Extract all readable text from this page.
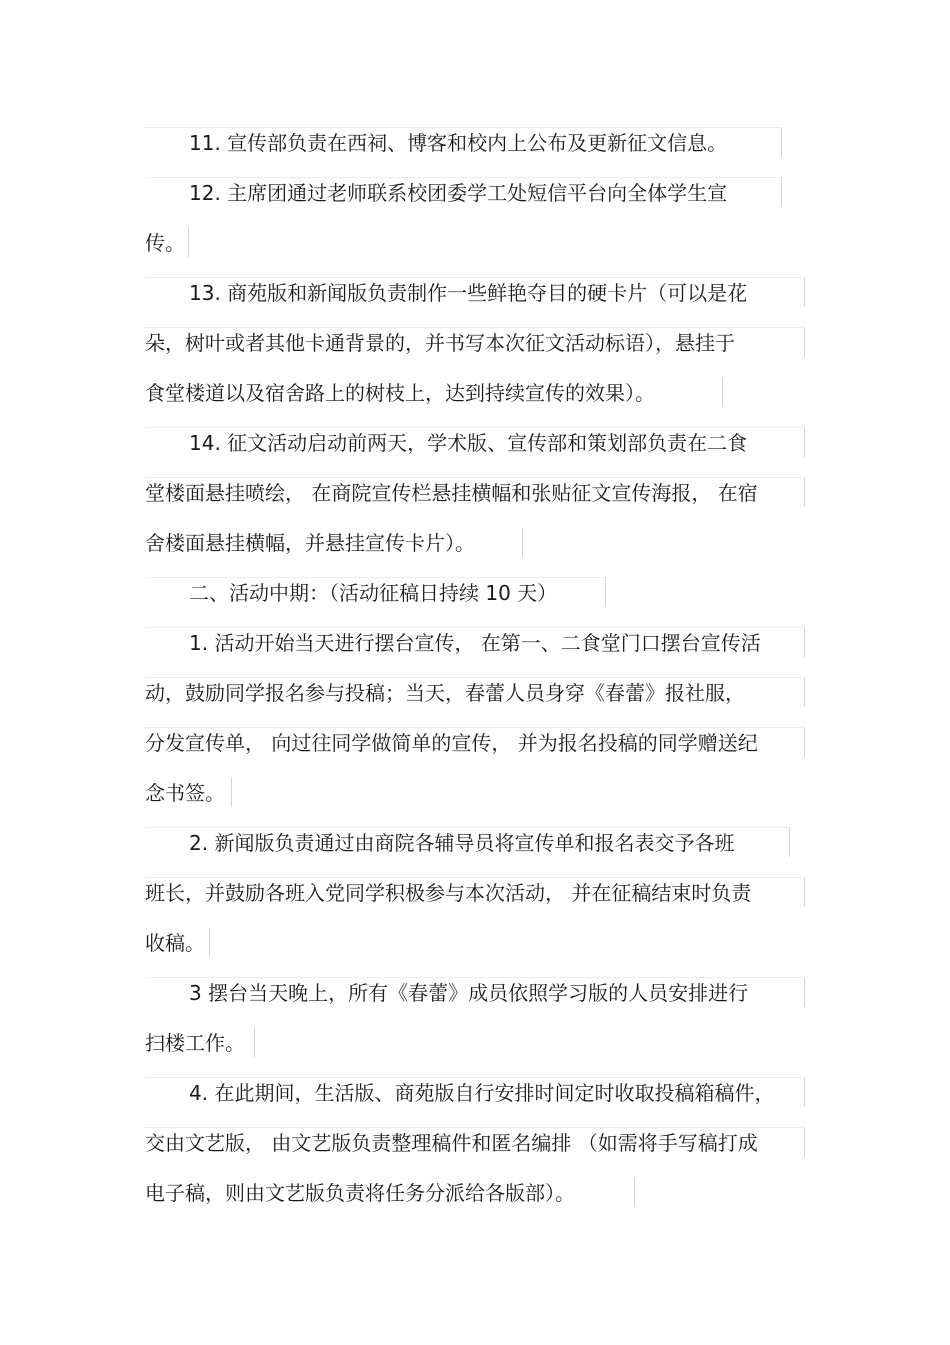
11. 宣传部负责在西祠、博客和校内上公布及更新征文信息。
12. 主席团通过老师联系校团委学工处短信平台向全体学生宣
传。
13. 商苑版和新闻版负责制作一些鲜艳夺目的硬卡片（可以是花
朵，树叶或者其他卡通背景的，并书写本次征文活动标语），悬挂于
食堂楼道以及宿舍路上的树枝上，达到持续宣传的效果）。
14. 征文活动启动前两天，学术版、宣传部和策划部负责在二食
堂楼面悬挂喷绘， 在商院宣传栏悬挂横幅和张贴征文宣传海报， 在宿
舍楼面悬挂横幅，并悬挂宣传卡片）。
二、活动中期：（活动征稿日持续 10 天）
1. 活动开始当天进行摆台宣传， 在第一、二食堂门口摆台宣传活
动，鼓励同学报名参与投稿；当天，春蕾人员身穿《春蕾》报社服，
分发宣传单， 向过往同学做简单的宣传， 并为报名投稿的同学赠送纪
念书签。
2. 新闻版负责通过由商院各辅导员将宣传单和报名表交予各班
班长，并鼓励各班入党同学积极参与本次活动， 并在征稿结束时负责
收稿。
3 摆台当天晚上，所有《春蕾》成员依照学习版的人员安排进行
扫楼工作。
4. 在此期间，生活版、商苑版自行安排时间定时收取投稿箱稿件，
交由文艺版， 由文艺版负责整理稿件和匿名编排 （如需将手写稿打成
电子稿，则由文艺版负责将任务分派给各版部）。
